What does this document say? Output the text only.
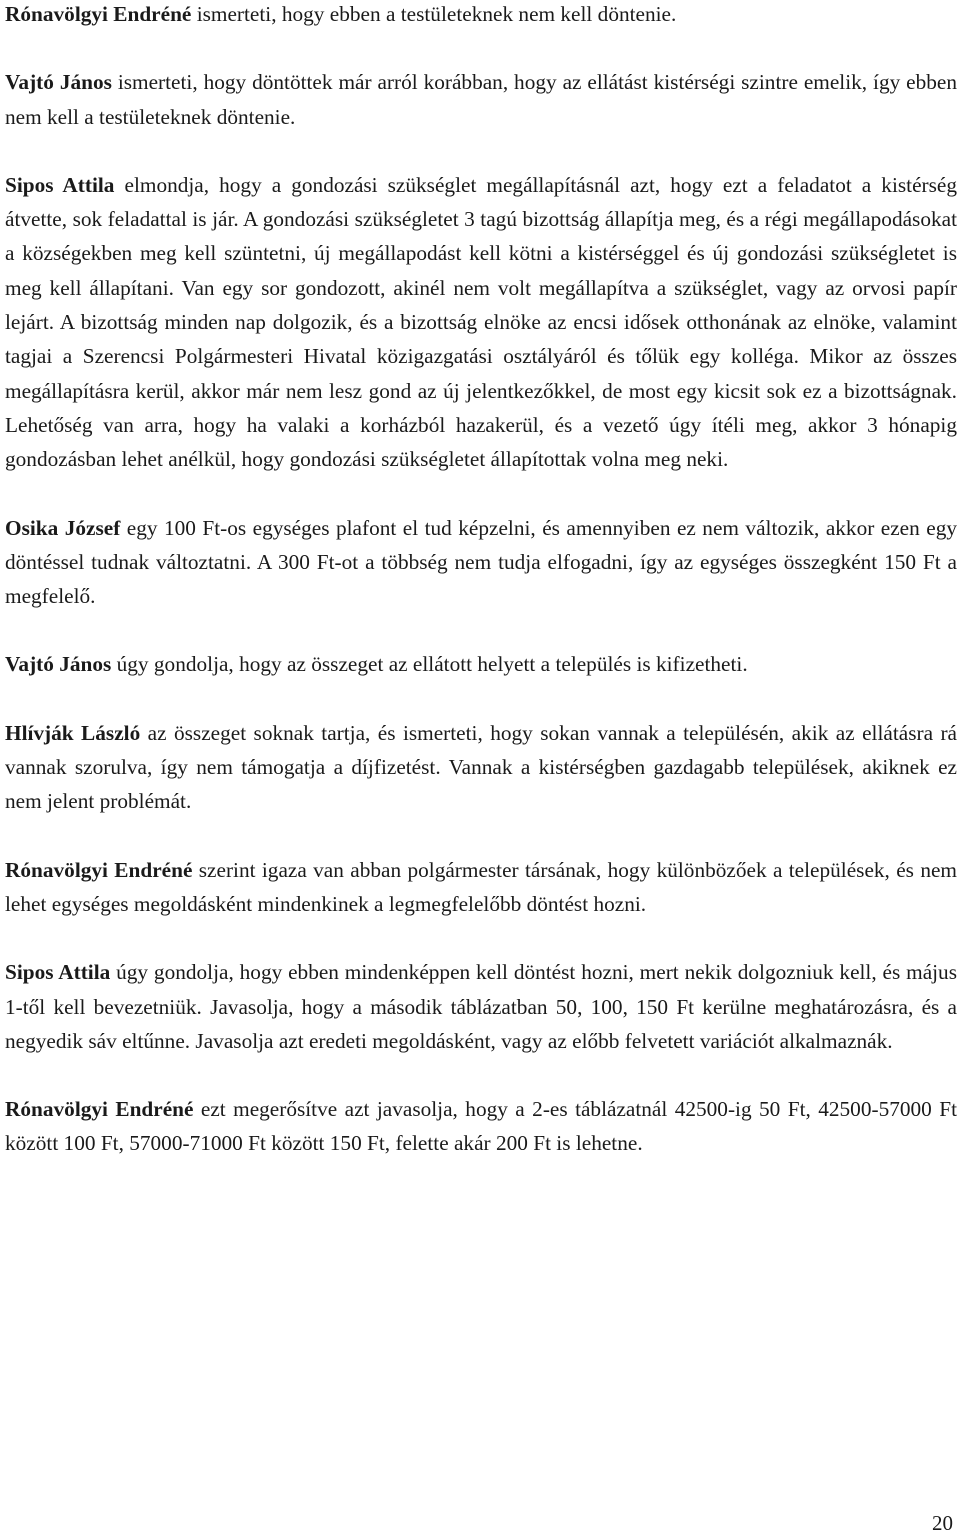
Rónavölgyi Endréné ismerteti, hogy ebben a testületeknek nem kell döntenie.

Vajtó János ismerteti, hogy döntöttek már arról korábban, hogy az ellátást kistérségi szintre emelik, így ebben nem kell a testületeknek döntenie.

Sipos Attila elmondja, hogy a gondozási szükséglet megállapításnál azt, hogy ezt a feladatot a kistérség átvette, sok feladattal is jár. A gondozási szükségletet 3 tagú bizottság állapítja meg, és a régi megállapodásokat a községekben meg kell szüntetni, új megállapodást kell kötni a kistérséggel és új gondozási szükségletet is meg kell állapítani. Van egy sor gondozott, akinél nem volt megállapítva a szükséglet, vagy az orvosi papír lejárt. A bizottság minden nap dolgozik, és a bizottság elnöke az encsi idősek otthonának az elnöke, valamint tagjai a Szerencsi Polgármesteri Hivatal közigazgatási osztályáról és tőlük egy kolléga. Mikor az összes megállapításra kerül, akkor már nem lesz gond az új jelentkezőkkel, de most egy kicsit sok ez a bizottságnak. Lehetőség van arra, hogy ha valaki a korházból hazakerül, és a vezető úgy ítéli meg, akkor 3 hónapig gondozásban lehet anélkül, hogy gondozási szükségletet állapítottak volna meg neki.

Osika József egy 100 Ft-os egységes plafont el tud képzelni, és amennyiben ez nem változik, akkor ezen egy döntéssel tudnak változtatni. A 300 Ft-ot a többség nem tudja elfogadni, így az egységes összegként 150 Ft a megfelelő.

Vajtó János úgy gondolja, hogy az összeget az ellátott helyett a település is kifizetheti.

Hlívják László az összeget soknak tartja, és ismerteti, hogy sokan vannak a településén, akik az ellátásra rá vannak szorulva, így nem támogatja a díjfizetést. Vannak a kistérségben gazdagabb települések, akiknek ez nem jelent problémát.

Rónavölgyi Endréné szerint igaza van abban polgármester társának, hogy különbözőek a települések, és nem lehet egységes megoldásként mindenkinek a legmegfelelőbb döntést hozni.

Sipos Attila úgy gondolja, hogy ebben mindenképpen kell döntést hozni, mert nekik dolgozniuk kell, és május 1-től kell bevezetniük. Javasolja, hogy a második táblázatban 50, 100, 150 Ft kerülne meghatározásra, és a negyedik sáv eltűnne. Javasolja azt eredeti megoldásként, vagy az előbb felvetett variációt alkalmaznák.

Rónavölgyi Endréné ezt megerősítve azt javasolja, hogy a 2-es táblázatnál 42500-ig 50 Ft, 42500-57000 Ft között 100 Ft, 57000-71000 Ft között 150 Ft, felette akár 200 Ft is lehetne.

20
